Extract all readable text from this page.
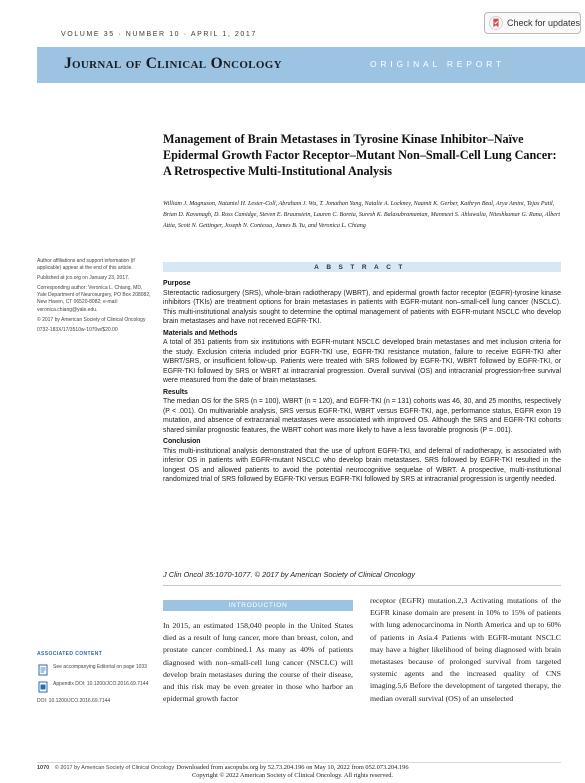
VOLUME 35 · NUMBER 10 · APRIL 1, 2017
Check for updates
Journal of Clinical Oncology	ORIGINAL REPORT
Management of Brain Metastases in Tyrosine Kinase Inhibitor–Naïve Epidermal Growth Factor Receptor–Mutant Non–Small-Cell Lung Cancer: A Retrospective Multi-Institutional Analysis
William J. Magnuson, Nataniel H. Lester-Coll, Abraham J. Wu, T. Jonathan Yang, Natalie A. Lockney, Naamit K. Gerber, Kathryn Beal, Arya Amini, Tejas Patil, Brian D. Kavanagh, D. Ross Camidge, Steven E. Braunstein, Lauren C. Boreta, Suresh K. Balasubramanian, Manmeet S. Ahluwalia, Niteshkumar G. Rana, Albert Attia, Scott N. Gettinger, Joseph N. Contessa, James B. Yu, and Veronica L. Chiang

Author affiliations and support information (if applicable) appear at the end of this article.

Published at jco.org on January 23, 2017.

Corresponding author: Veronica L. Chiang, MD, Yale Department of Neurosurgery, PO Box 208082, New Haven, CT 06520-8082; e-mail: veronica.chiang@yale.edu.

© 2017 by American Society of Clinical Oncology

0732-183X/17/3510w-1070w/$20.00

ABSTRACT
Purpose

Stereotactic radiosurgery (SRS), whole-brain radiotherapy (WBRT), and epidermal growth factor receptor (EGFR)-tyrosine kinase inhibitors (TKIs) are treatment options for brain metastases in patients with EGFR-mutant non–small-cell lung cancer (NSCLC). This multi-institutional analysis sought to determine the optimal management of patients with EGFR-mutant NSCLC who develop brain metastases and have not received EGFR-TKI.

Materials and Methods

A total of 351 patients from six institutions with EGFR-mutant NSCLC developed brain metastases and met inclusion criteria for the study. Exclusion criteria included prior EGFR-TKI use, EGFR-TKI resistance mutation, failure to receive EGFR-TKI after WBRT/SRS, or insufficient follow-up. Patients were treated with SRS followed by EGFR-TKI, WBRT followed by EGFR-TKI, or EGFR-TKI followed by SRS or WBRT at intracranial progression. Overall survival (OS) and intracranial progression-free survival were measured from the date of brain metastases.

Results

The median OS for the SRS (n = 100), WBRT (n = 120), and EGFR-TKI (n = 131) cohorts was 46, 30, and 25 months, respectively (P < .001). On multivariable analysis, SRS versus EGFR-TKI, WBRT versus EGFR-TKI, age, performance status, EGFR exon 19 mutation, and absence of extracranial metastases were associated with improved OS. Although the SRS and EGFR-TKI cohorts shared similar prognostic features, the WBRT cohort was more likely to have a less favorable prognosis (P = .001).

Conclusion

This multi-institutional analysis demonstrated that the use of upfront EGFR-TKI, and deferral of radiotherapy, is associated with inferior OS in patients with EGFR-mutant NSCLC who develop brain metastases. SRS followed by EGFR-TKI resulted in the longest OS and allowed patients to avoid the potential neurocognitive sequelae of WBRT. A prospective, multi-institutional randomized trial of SRS followed by EGFR-TKI versus EGFR-TKI followed by SRS at intracranial progression is urgently needed.

J Clin Oncol 35:1070-1077. © 2017 by American Society of Clinical Oncology
INTRODUCTION
In 2015, an estimated 158,040 people in the United States died as a result of lung cancer, more than breast, colon, and prostate cancer combined.1 As many as 40% of patients diagnosed with non–small-cell lung cancer (NSCLC) will develop brain metastases during the course of their disease, and this risk may be even greater in those who harbor an epidermal growth factor
receptor (EGFR) mutation.2,3 Activating mutations of the EGFR kinase domain are present in 10% to 15% of patients with lung adenocarcinoma in North America and up to 60% of patients in Asia.4 Patients with EGFR-mutant NSCLC may have a higher likelihood of being diagnosed with brain metastases because of prolonged survival from targeted systemic agents and the increased quality of CNS imaging.5,6 Before the development of targeted therapy, the median overall survival (OS) of an unselected
ASSOCIATED CONTENT
See accompanying Editorial on page 1033
Appendix DOI: 10.1200/JCO.2016.69.7144
DOI: 10.1200/JCO.2016.69.7144
1070 © 2017 by American Society of Clinical Oncology Downloaded from ascopubs.org by 52.73.204.196 on May 10, 2022 from 052.073.204.196
Copyright © 2022 American Society of Clinical Oncology. All rights reserved.
